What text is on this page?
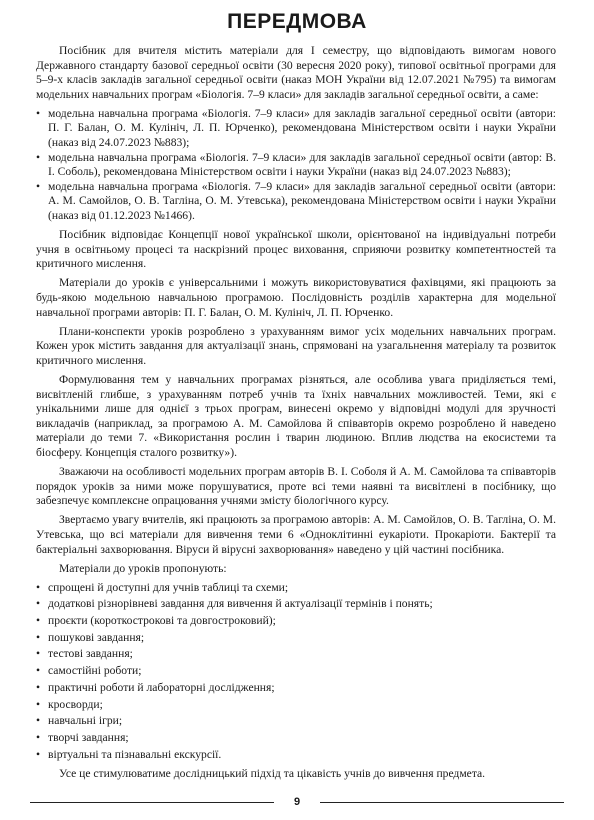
ПЕРЕДМОВА

Посібник для вчителя містить матеріали для І семестру, що відповідають вимогам нового Державного стандарту базової середньої освіти (30 вересня 2020 року), типової освітньої програми для 5–9-х класів закладів загальної середньої освіти (наказ МОН України від 12.07.2021 №795) та вимогам модельних навчальних програм «Біологія. 7–9 класи» для закладів загальної середньої освіти, а саме:

• модельна навчальна програма «Біологія. 7–9 класи» для закладів загальної середньої освіти (автори: П. Г. Балан, О. М. Кулініч, Л. П. Юрченко), рекомендована Міністерством освіти і науки України (наказ від 24.07.2023 №883);
• модельна навчальна програма «Біологія. 7–9 класи» для закладів загальної середньої освіти (автор: В. І. Соболь), рекомендована Міністерством освіти і науки України (наказ від 24.07.2023 №883);
• модельна навчальна програма «Біологія. 7–9 класи» для закладів загальної середньої освіти (автори: А. М. Самойлов, О. В. Тагліна, О. М. Утевська), рекомендована Міністерством освіти і науки України (наказ від 01.12.2023 №1466).

Посібник відповідає Концепції нової української школи, орієнтованої на індивідуальні потреби учня в освітньому процесі та наскрізний процес виховання, сприяючи розвитку компетентностей та критичного мислення.

Матеріали до уроків є універсальними і можуть використовуватися фахівцями, які працюють за будь-якою модельною навчальною програмою. Послідовність розділів характерна для модельної навчальної програми авторів: П. Г. Балан, О. М. Кулініч, Л. П. Юрченко.

Плани-конспекти уроків розроблено з урахуванням вимог усіх модельних навчальних програм. Кожен урок містить завдання для актуалізації знань, спрямовані на узагальнення матеріалу та розвиток критичного мислення.

Формулювання тем у навчальних програмах різняться, але особлива увага приділяється темі, висвітленій глибше, з урахуванням потреб учнів та їхніх навчальних можливостей. Теми, які є унікальними лише для однієї з трьох програм, винесені окремо у відповідні модулі для зручності викладачів (наприклад, за програмою А. М. Самойлова й співавторів окремо розроблено й наведено матеріали до теми 7. «Використання рослин і тварин людиною. Вплив людства на екосистеми та біосферу. Концепція сталого розвитку»).

Зважаючи на особливості модельних програм авторів В. І. Соболя й А. М. Самойлова та співавторів порядок уроків за ними може порушуватися, проте всі теми наявні та висвітлені в посібнику, що забезпечує комплексне опрацювання учнями змісту біологічного курсу.

Звертаємо увагу вчителів, які працюють за програмою авторів: А. М. Самойлов, О. В. Тагліна, О. М. Утевська, що всі матеріали для вивчення теми 6 «Одноклітинні еукаріоти. Прокаріоти. Бактерії та бактеріальні захворювання. Віруси й вірусні захворювання» наведено у цій частині посібника.

Матеріали до уроків пропонують:

• спрощені й доступні для учнів таблиці та схеми;
• додаткові різнорівневі завдання для вивчення й актуалізації термінів і понять;
• проєкти (короткострокові та довгостроковий);
• пошукові завдання;
• тестові завдання;
• самостійні роботи;
• практичні роботи й лабораторні дослідження;
• кросворди;
• навчальні ігри;
• творчі завдання;
• віртуальні та пізнавальні екскурсії.

Усе це стимулюватиме дослідницький підхід та цікавість учнів до вивчення предмета.

9
